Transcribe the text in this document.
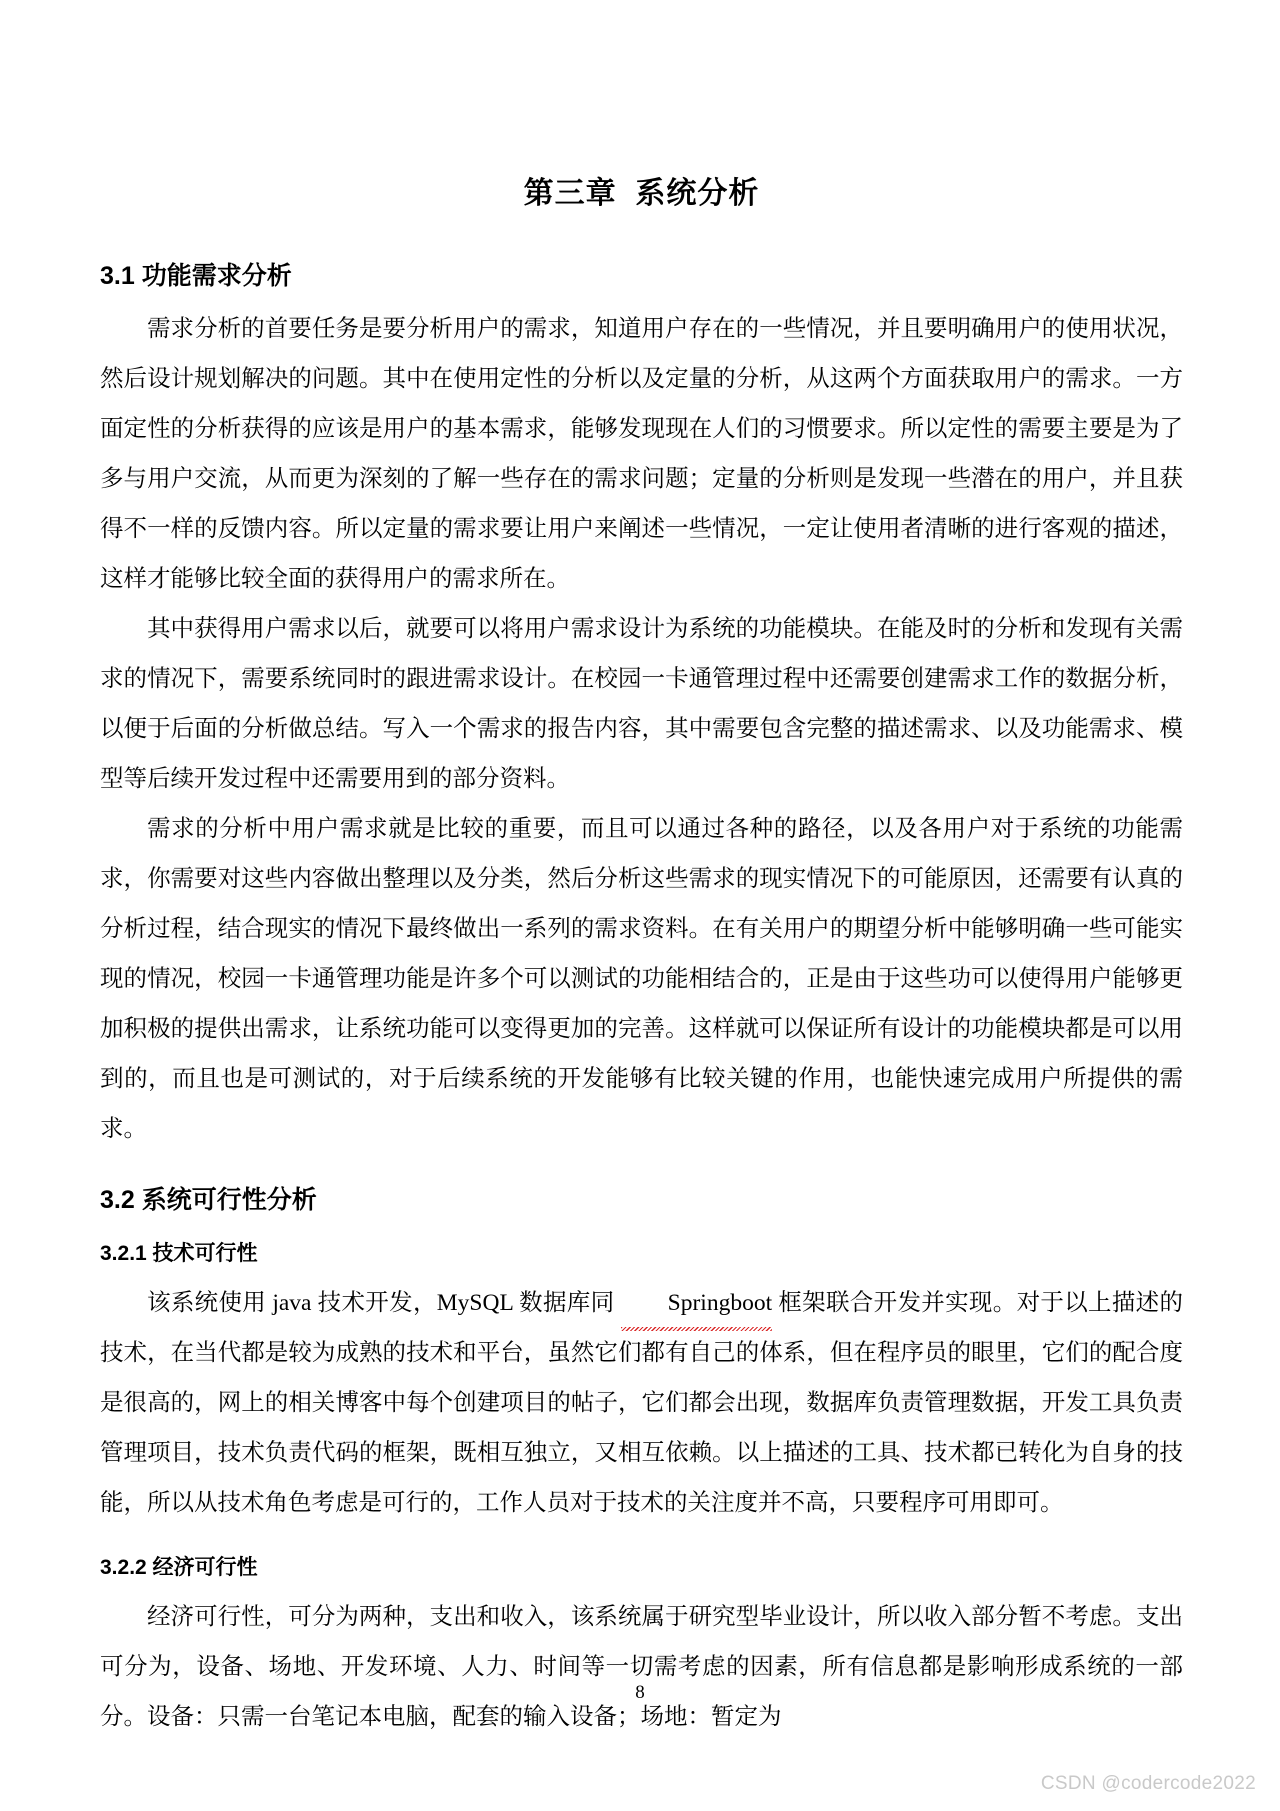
第三章  系统分析
3.1 功能需求分析

需求分析的首要任务是要分析用户的需求，知道用户存在的一些情况，并且要明确用户的使用状况，然后设计规划解决的问题。其中在使用定性的分析以及定量的分析，从这两个方面获取用户的需求。一方面定性的分析获得的应该是用户的基本需求，能够发现现在人们的习惯要求。所以定性的需要主要是为了多与用户交流，从而更为深刻的了解一些存在的需求问题；定量的分析则是发现一些潜在的用户，并且获得不一样的反馈内容。所以定量的需求要让用户来阐述一些情况，一定让使用者清晰的进行客观的描述，这样才能够比较全面的获得用户的需求所在。

其中获得用户需求以后，就要可以将用户需求设计为系统的功能模块。在能及时的分析和发现有关需求的情况下，需要系统同时的跟进需求设计。在校园一卡通管理过程中还需要创建需求工作的数据分析，以便于后面的分析做总结。写入一个需求的报告内容，其中需要包含完整的描述需求、以及功能需求、模型等后续开发过程中还需要用到的部分资料。

需求的分析中用户需求就是比较的重要，而且可以通过各种的路径，以及各用户对于系统的功能需求，你需要对这些内容做出整理以及分类，然后分析这些需求的现实情况下的可能原因，还需要有认真的分析过程，结合现实的情况下最终做出一系列的需求资料。在有关用户的期望分析中能够明确一些可能实现的情况，校园一卡通管理功能是许多个可以测试的功能相结合的，正是由于这些功可以使得用户能够更加积极的提供出需求，让系统功能可以变得更加的完善。这样就可以保证所有设计的功能模块都是可以用到的，而且也是可测试的，对于后续系统的开发能够有比较关键的作用，也能快速完成用户所提供的需求。

3.2 系统可行性分析
3.2.1 技术可行性

该系统使用 java 技术开发，MySQL 数据库同 Springboot 框架联合开发并实现。对于以上描述的技术，在当代都是较为成熟的技术和平台，虽然它们都有自己的体系，但在程序员的眼里，它们的配合度是很高的，网上的相关博客中每个创建项目的帖子，它们都会出现，数据库负责管理数据，开发工具负责管理项目，技术负责代码的框架，既相互独立，又相互依赖。以上描述的工具、技术都已转化为自身的技能，所以从技术角色考虑是可行的，工作人员对于技术的关注度并不高，只要程序可用即可。

3.2.2 经济可行性

经济可行性，可分为两种，支出和收入，该系统属于研究型毕业设计，所以收入部分暂不考虑。支出可分为，设备、场地、开发环境、人力、时间等一切需考虑的因素，所有信息都是影响形成系统的一部分。设备：只需一台笔记本电脑，配套的输入设备；场地：暂定为

8
CSDN @codercode2022
